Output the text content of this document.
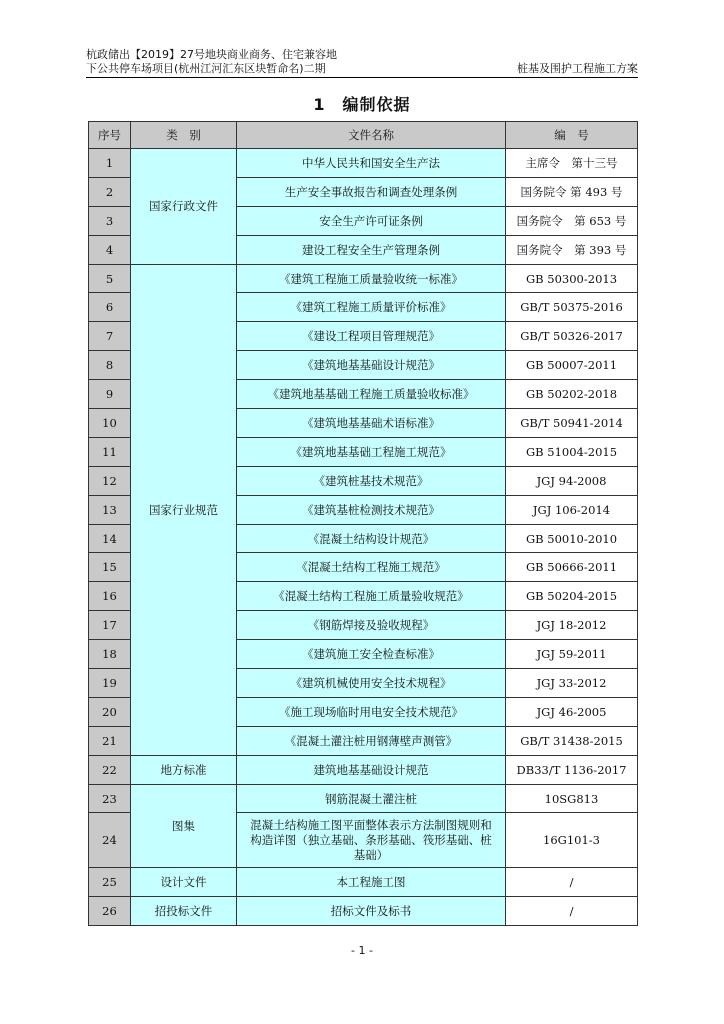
杭政储出【2019】27号地块商业商务、住宅兼容地
下公共停车场项目(杭州江河汇东区块暂命名)二期	桩基及围护工程施工方案
1　编制依据
序号	类　别	文件名称	编　号
1	国家行政文件	中华人民共和国安全生产法	主席令　第十三号
2		生产安全事故报告和调查处理条例	国务院令 第 493 号
3		安全生产许可证条例	国务院令　第 653 号
4		建设工程安全生产管理条例	国务院令　第 393 号
5	国家行业规范	《建筑工程施工质量验收统一标准》	GB 50300-2013
6		《建筑工程施工质量评价标准》	GB/T 50375-2016
7		《建设工程项目管理规范》	GB/T 50326-2017
8		《建筑地基基础设计规范》	GB 50007-2011
9		《建筑地基基础工程施工质量验收标准》	GB 50202-2018
10		《建筑地基基础术语标准》	GB/T 50941-2014
11		《建筑地基基础工程施工规范》	GB 51004-2015
12		《建筑桩基技术规范》	JGJ 94-2008
13		《建筑基桩检测技术规范》	JGJ 106-2014
14		《混凝土结构设计规范》	GB 50010-2010
15		《混凝土结构工程施工规范》	GB 50666-2011
16		《混凝土结构工程施工质量验收规范》	GB 50204-2015
17		《钢筋焊接及验收规程》	JGJ 18-2012
18		《建筑施工安全检查标准》	JGJ 59-2011
19		《建筑机械使用安全技术规程》	JGJ 33-2012
20		《施工现场临时用电安全技术规范》	JGJ 46-2005
21		《混凝土灌注桩用钢薄壁声测管》	GB/T 31438-2015
22	地方标准	建筑地基基础设计规范	DB33/T 1136-2017
23	图集	钢筋混凝土灌注桩	10SG813
24		混凝土结构施工图平面整体表示方法制图规则和构造详图（独立基础、条形基础、筏形基础、桩基础）	16G101-3
25	设计文件	本工程施工图	/
26	招投标文件	招标文件及标书	/
- 1 -
